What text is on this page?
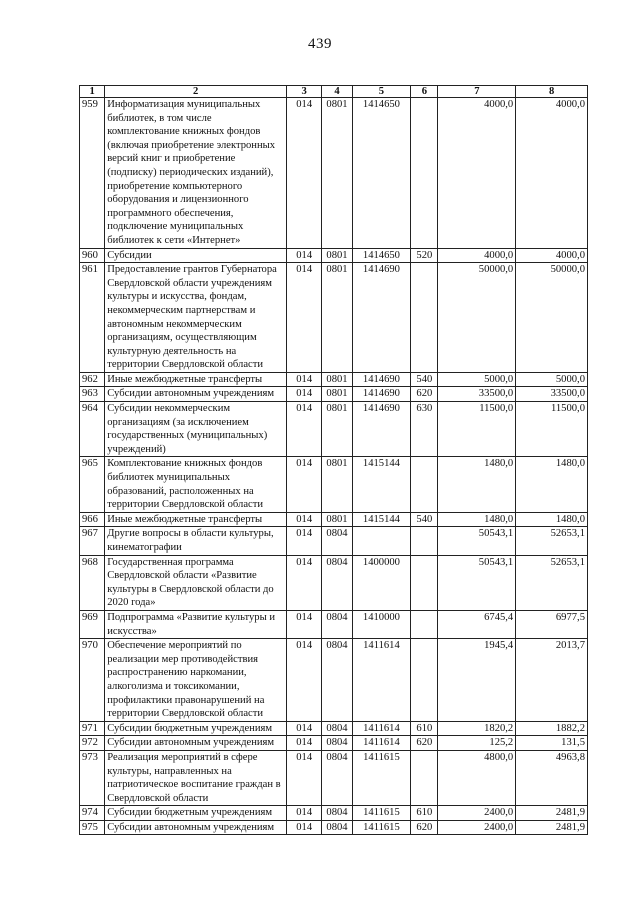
439
1	2	3	4	5	6	7	8
959	Информатизация муниципальных библиотек, в том числе комплектование книжных фондов (включая приобретение электронных версий книг и приобретение (подписку) периодических изданий), приобретение компьютерного оборудования и лицензионного программного обеспечения, подключение муниципальных библиотек к сети «Интернет»	014	0801	1414650		4000,0	4000,0
960	Субсидии	014	0801	1414650	520	4000,0	4000,0
961	Предоставление грантов Губернатора Свердловской области учреждениям культуры и искусства, фондам, некоммерческим партнерствам и автономным некоммерческим организациям, осуществляющим культурную деятельность на территории Свердловской области	014	0801	1414690		50000,0	50000,0
962	Иные межбюджетные трансферты	014	0801	1414690	540	5000,0	5000,0
963	Субсидии автономным учреждениям	014	0801	1414690	620	33500,0	33500,0
964	Субсидии некоммерческим организациям (за исключением государственных (муниципальных) учреждений)	014	0801	1414690	630	11500,0	11500,0
965	Комплектование книжных фондов библиотек муниципальных образований, расположенных на территории Свердловской области	014	0801	1415144		1480,0	1480,0
966	Иные межбюджетные трансферты	014	0801	1415144	540	1480,0	1480,0
967	Другие вопросы в области культуры, кинематографии	014	0804			50543,1	52653,1
968	Государственная программа Свердловской области «Развитие культуры в Свердловской области до 2020 года»	014	0804	1400000		50543,1	52653,1
969	Подпрограмма «Развитие культуры и искусства»	014	0804	1410000		6745,4	6977,5
970	Обеспечение мероприятий по реализации мер противодействия распространению наркомании, алкоголизма и токсикомании, профилактики правонарушений на территории Свердловской области	014	0804	1411614		1945,4	2013,7
971	Субсидии бюджетным учреждениям	014	0804	1411614	610	1820,2	1882,2
972	Субсидии автономным учреждениям	014	0804	1411614	620	125,2	131,5
973	Реализация мероприятий в сфере культуры, направленных на патриотическое воспитание граждан в Свердловской области	014	0804	1411615		4800,0	4963,8
974	Субсидии бюджетным учреждениям	014	0804	1411615	610	2400,0	2481,9
975	Субсидии автономным учреждениям	014	0804	1411615	620	2400,0	2481,9
